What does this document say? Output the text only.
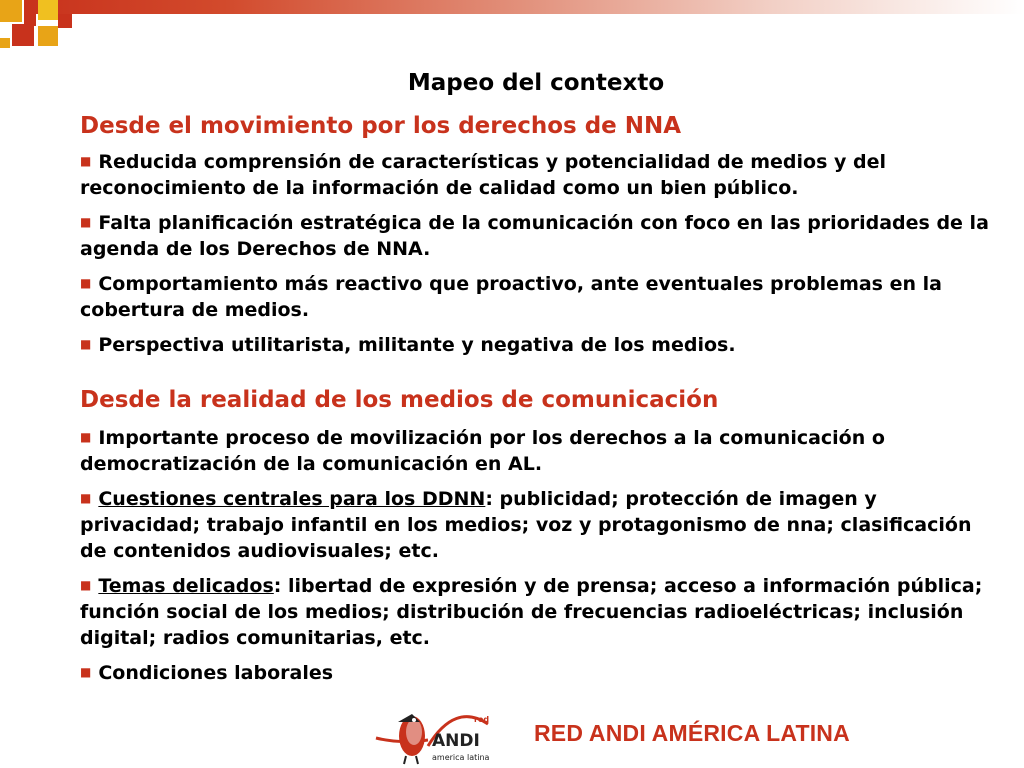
Mapeo del contexto
Desde el movimiento por los derechos de NNA

■ Reducida comprensión de características y potencialidad de medios y del reconocimiento de la información de calidad como un bien público.

■ Falta planificación estratégica de la comunicación con foco en las prioridades de la agenda de los Derechos de NNA.

■ Comportamiento más reactivo que proactivo, ante eventuales problemas en la cobertura de medios.

■ Perspectiva utilitarista, militante y negativa de los medios.

Desde la realidad de los medios de comunicación

■ Importante proceso de movilización por los derechos a la comunicación o democratización de la comunicación en AL.

■ Cuestiones centrales para los DDNN: publicidad; protección de imagen y privacidad; trabajo infantil en los medios; voz y protagonismo de nna; clasificación de contenidos audiovisuales; etc.

■ Temas delicados: libertad de expresión y de prensa; acceso a información pública; función social de los medios; distribución de frecuencias radioeléctricas; inclusión digital; radios comunitarias, etc.

■ Condiciones laborales

red
ANDI
america latina
RED ANDI AMÉRICA LATINA
